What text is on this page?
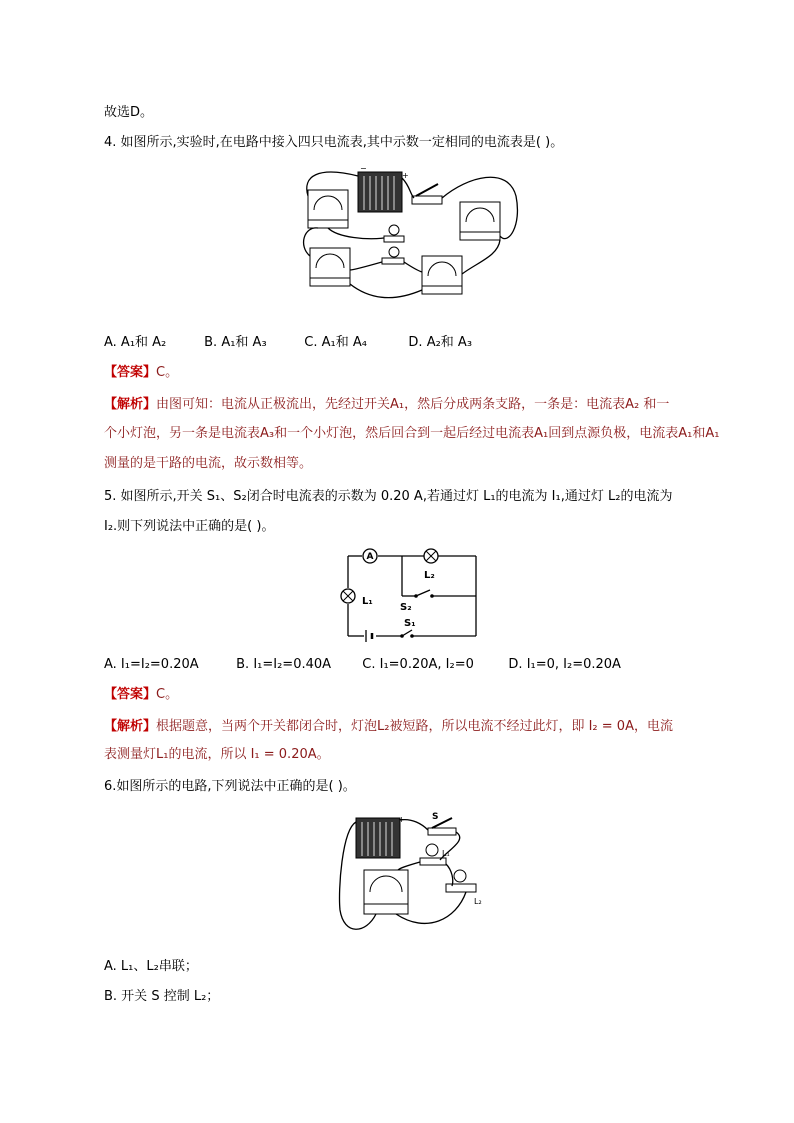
故选D。
4. 如图所示,实验时,在电路中接入四只电流表,其中示数一定相同的电流表是( )。
−
+
A. A₁和 A₂	B. A₁和 A₃	C. A₁和 A₄	D. A₂和 A₃
【答案】C。
【解析】由图可知：电流从正极流出，先经过开关A₁，然后分成两条支路，一条是：电流表A₂ 和一
个小灯泡，另一条是电流表A₃和一个小灯泡，然后回合到一起后经过电流表A₁回到点源负极，电流表A₁和A₁
测量的是干路的电流，故示数相等。
5. 如图所示,开关 S₁、S₂闭合时电流表的示数为 0.20 A,若通过灯 L₁的电流为 I₁,通过灯 L₂的电流为
I₂.则下列说法中正确的是( )。
A
L₂
L₁
S₂
S₁
A. I₁=I₂=0.20A	B. I₁=I₂=0.40A C. I₁=0.20A, I₂=0	D. I₁=0, I₂=0.20A
【答案】C。
【解析】根据题意，当两个开关都闭合时，灯泡L₂被短路，所以电流不经过此灯，即 I₂ = 0A，电流
表测量灯L₁的电流，所以 I₁ = 0.20A。
6.如图所示的电路,下列说法中正确的是( )。
+	S
L₁
L₂
A. L₁、L₂串联；
B. 开关 S 控制 L₂；
